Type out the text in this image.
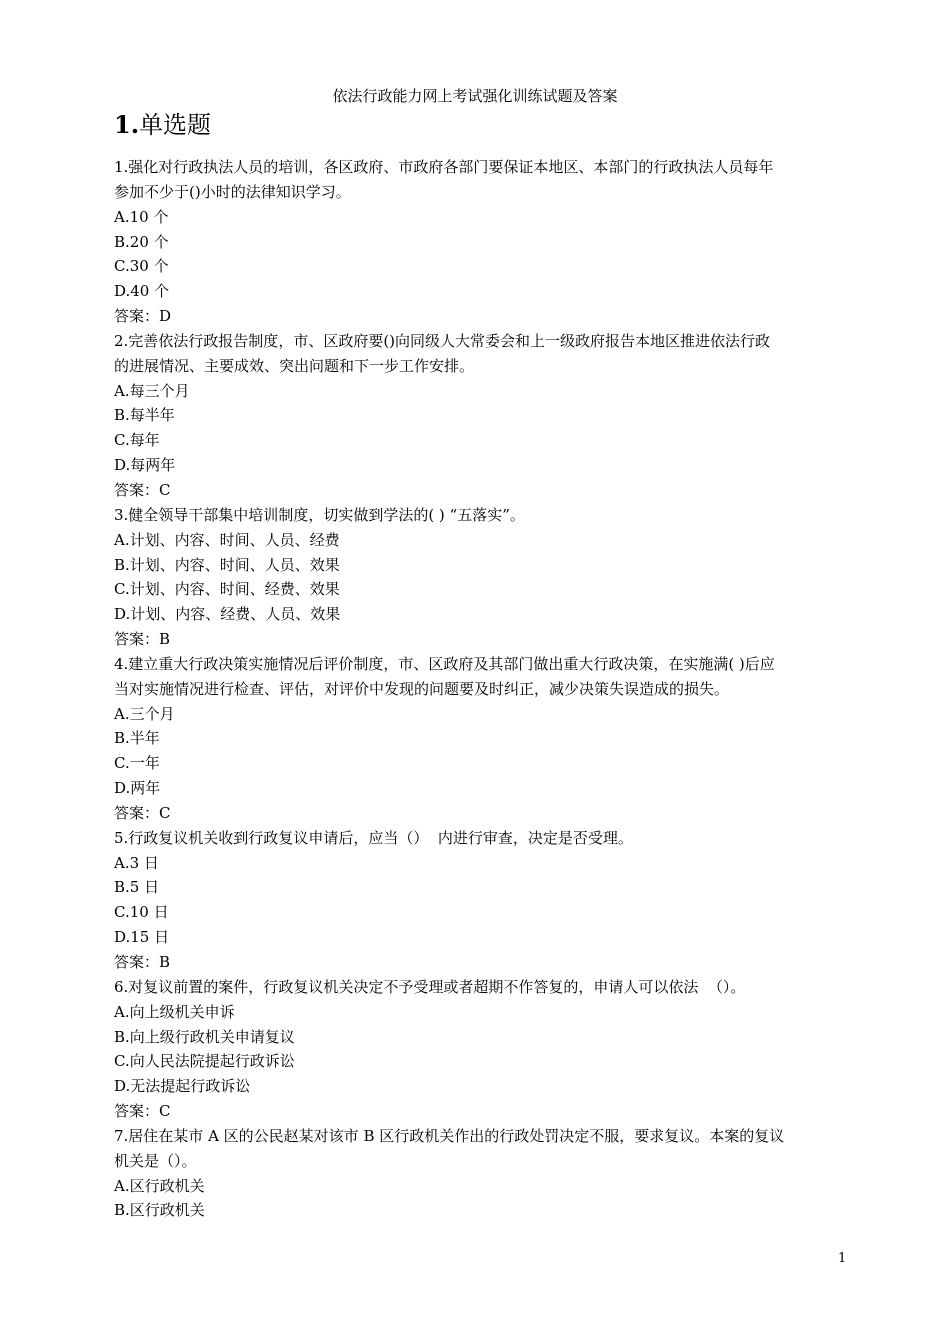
依法行政能力网上考试强化训练试题及答案
1.单选题
1.强化对行政执法人员的培训，各区政府、市政府各部门要保证本地区、本部门的行政执法人员每年
参加不少于()小时的法律知识学习。
A.10 个
B.20 个
C.30 个
D.40 个
答案：D
2.完善依法行政报告制度，市、区政府要()向同级人大常委会和上一级政府报告本地区推进依法行政
的进展情况、主要成效、突出问题和下一步工作安排。
A.每三个月
B.每半年
C.每年
D.每两年
答案：C
3.健全领导干部集中培训制度，切实做到学法的( ) “五落实”。
A.计划、内容、时间、人员、经费
B.计划、内容、时间、人员、效果
C.计划、内容、时间、经费、效果
D.计划、内容、经费、人员、效果
答案：B
4.建立重大行政决策实施情况后评价制度，市、区政府及其部门做出重大行政决策，在实施满( )后应
当对实施情况进行检查、评估，对评价中发现的问题要及时纠正，减少决策失误造成的损失。
A.三个月
B.半年
C.一年
D.两年
答案：C
5.行政复议机关收到行政复议申请后，应当（）  内进行审查，决定是否受理。
A.3 日
B.5 日
C.10 日
D.15 日
答案：B
6.对复议前置的案件，行政复议机关决定不予受理或者超期不作答复的，申请人可以依法  （）。
A.向上级机关申诉
B.向上级行政机关申请复议
C.向人民法院提起行政诉讼
D.无法提起行政诉讼
答案：C
7.居住在某市 A 区的公民赵某对该市 B 区行政机关作出的行政处罚决定不服，要求复议。本案的复议
机关是（）。
A.区行政机关
B.区行政机关
1
